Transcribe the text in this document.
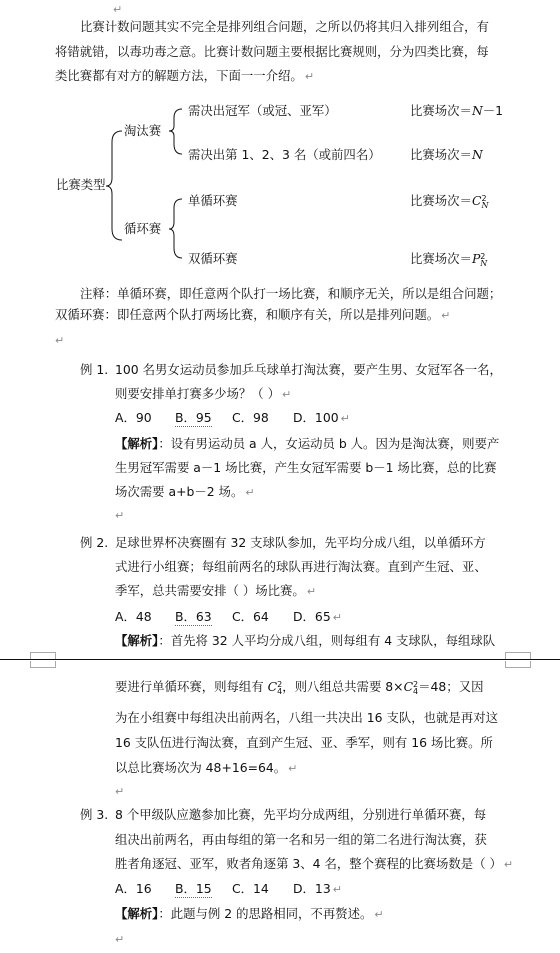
↵
比赛计数问题其实不完全是排列组合问题，之所以仍将其归入排列组合，有
将错就错，以毒功毒之意。比赛计数问题主要根据比赛规则，分为四类比赛，每
类比赛都有对方的解题方法，下面一一介绍。 ↵
比赛类型
淘汰赛
循环赛
需决出冠军（或冠、亚军）
需决出第 1、2、3 名（或前四名）
单循环赛
双循环赛
比赛场次＝N－1
比赛场次＝N
比赛场次＝C 2
N
比赛场次＝P 2
N
注释：单循环赛，即任意两个队打一场比赛，和顺序无关，所以是组合问题；
双循环赛：即任意两个队打两场比赛，和顺序有关，所以是排列问题。 ↵
↵
例 1. 100 名男女运动员参加乒乓球单打淘汰赛，要产生男、女冠军各一名，
则要安排单打赛多少场？（ ） ↵
A．90 B．95 C．98 D．100 ↵
【解析】：设有男运动员 a 人，女运动员 b 人。因为是淘汰赛，则要产
生男冠军需要 a－1 场比赛，产生女冠军需要 b－1 场比赛，总的比赛
场次需要 a+b－2 场。 ↵
↵
例 2. 足球世界杯决赛圈有 32 支球队参加，先平均分成八组，以单循环方
式进行小组赛；每组前两名的球队再进行淘汰赛。直到产生冠、亚、
季军，总共需要安排（ ）场比赛。 ↵
A．48 B．63 C．64 D．65 ↵
【解析】：首先将 32 人平均分成八组，则每组有 4 支球队，每组球队
要进行单循环赛，则每组有 C 2
4 ，则八组总共需要 8×C 2
4 ＝48；又因
为在小组赛中每组决出前两名，八组一共决出 16 支队，也就是再对这
16 支队伍进行淘汰赛，直到产生冠、亚、季军，则有 16 场比赛。所
以总比赛场次为 48+16=64。 ↵
↵
例 3. 8 个甲级队应邀参加比赛，先平均分成两组，分别进行单循环赛，每
组决出前两名，再由每组的第一名和另一组的第二名进行淘汰赛，获
胜者角逐冠、亚军，败者角逐第 3、4 名，整个赛程的比赛场数是（ ） ↵
A．16 B．15 C．14 D．13 ↵
【解析】：此题与例 2 的思路相同，不再赘述。 ↵
↵
